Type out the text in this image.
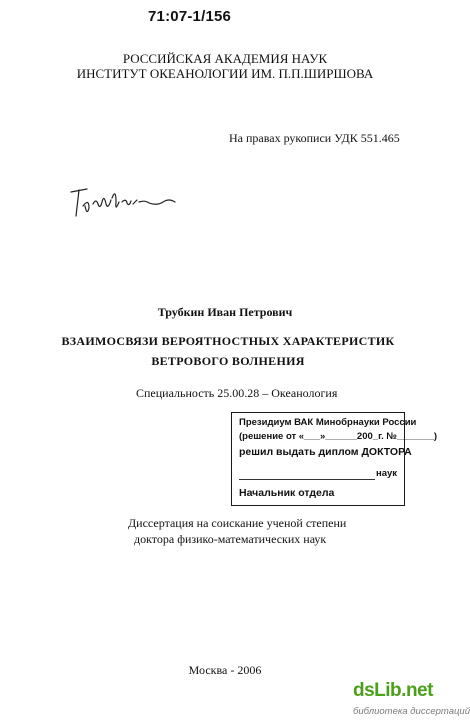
71:07-1/156
РОССИЙСКАЯ АКАДЕМИЯ НАУК
ИНСТИТУТ ОКЕАНОЛОГИИ ИМ. П.П.ШИРШОВА
На правах рукописи УДК 551.465
Трубкин Иван Петрович
ВЗАИМОСВЯЗИ ВЕРОЯТНОСТНЫХ ХАРАКТЕРИСТИК
ВЕТРОВОГО ВОЛНЕНИЯ
Специальность 25.00.28 – Океанология
Президиум ВАК Минобрнауки России
(решение от «___»______200_г. №_______)
решил выдать диплом ДОКТОРА
наук
Начальник отдела
Диссертация на соискание ученой степени
доктора физико-математических наук
Москва - 2006
dsLib.net
библиотека диссертаций
